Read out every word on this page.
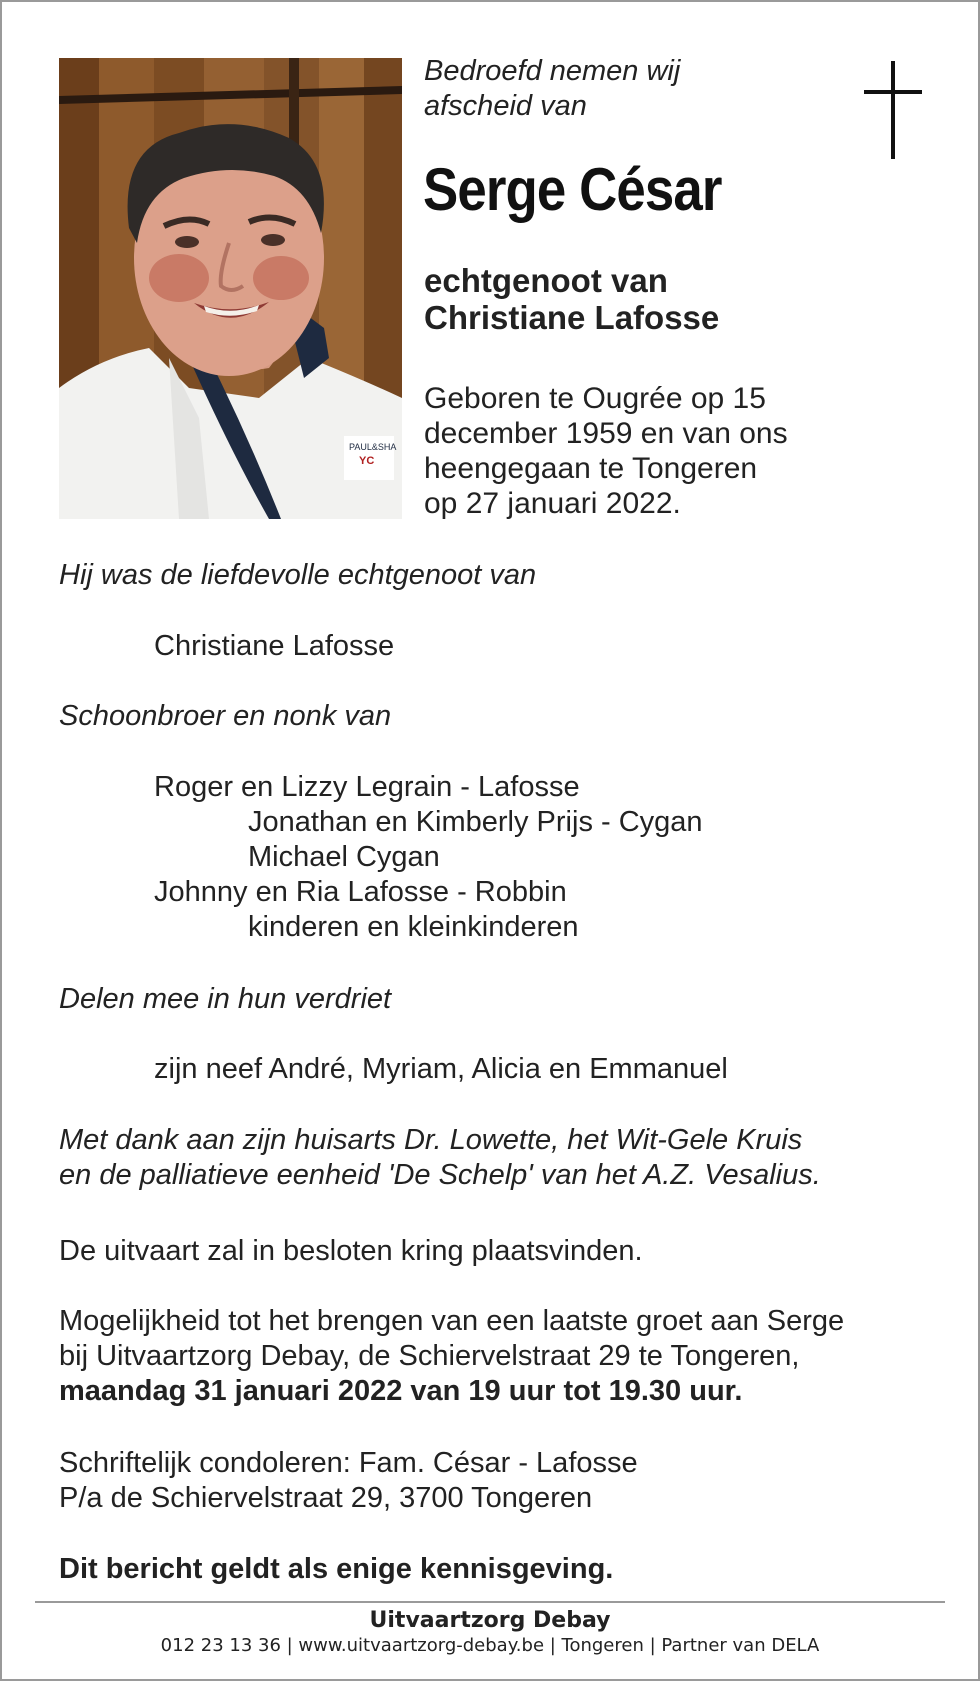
PAUL&SHA
YC
Bedroefd nemen wij
afscheid van
Serge César
echtgenoot van
Christiane Lafosse
Geboren te Ougrée op 15
december 1959 en van ons
heengegaan te Tongeren
op 27 januari 2022.
Hij was de liefdevolle echtgenoot van
Christiane Lafosse
Schoonbroer en nonk van
Roger en Lizzy Legrain - Lafosse
Jonathan en Kimberly Prijs - Cygan
Michael Cygan
Johnny en Ria Lafosse - Robbin
kinderen en kleinkinderen
Delen mee in hun verdriet
zijn neef André, Myriam, Alicia en Emmanuel
Met dank aan zijn huisarts Dr. Lowette, het Wit-Gele Kruis
en de palliatieve eenheid 'De Schelp' van het A.Z. Vesalius.
De uitvaart zal in besloten kring plaatsvinden.
Mogelijkheid tot het brengen van een laatste groet aan Serge
bij Uitvaartzorg Debay, de Schiervelstraat 29 te Tongeren,
maandag 31 januari 2022 van 19 uur tot 19.30 uur.
Schriftelijk condoleren: Fam. César - Lafosse
P/a de Schiervelstraat 29, 3700 Tongeren
Dit bericht geldt als enige kennisgeving.
Uitvaartzorg Debay
012 23 13 36 | www.uitvaartzorg-debay.be | Tongeren | Partner van DELA
